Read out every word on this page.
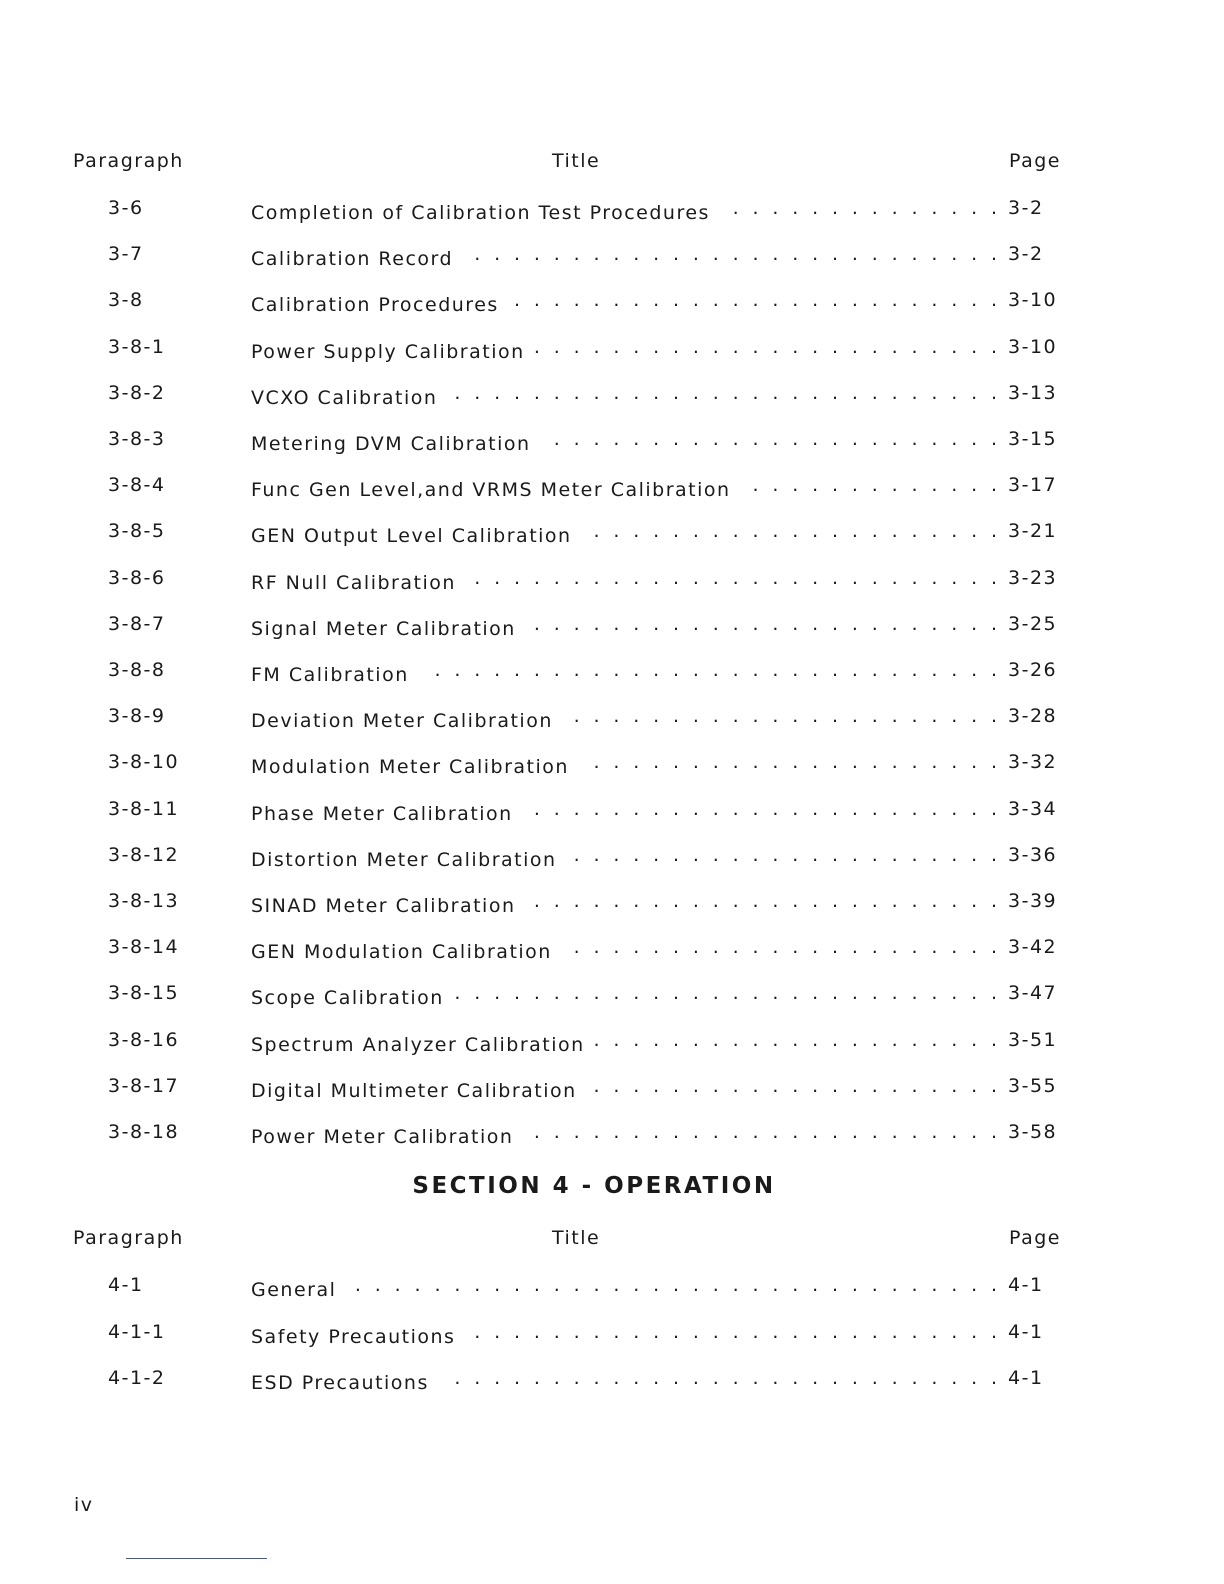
Paragraph	Title	Page
3-6	Completion of Calibration Test Procedures . . .	3-2
3-7	Calibration Record . . .	3-2
3-8	Calibration Procedures . . .	3-10
3-8-1	Power Supply Calibration . . .	3-10
3-8-2	VCXO Calibration . . .	3-13
3-8-3	Metering DVM Calibration . . .	3-15
3-8-4	Func Gen Level,and VRMS Meter Calibration . . .	3-17
3-8-5	GEN Output Level Calibration . . .	3-21
3-8-6	RF Null Calibration . . .	3-23
3-8-7	Signal Meter Calibration . . .	3-25
3-8-8	FM Calibration . . .	3-26
3-8-9	Deviation Meter Calibration . . .	3-28
3-8-10	Modulation Meter Calibration . . .	3-32
3-8-11	Phase Meter Calibration . . .	3-34
3-8-12	Distortion Meter Calibration . . .	3-36
3-8-13	SINAD Meter Calibration . . .	3-39
3-8-14	GEN Modulation Calibration . . .	3-42
3-8-15	Scope Calibration . . .	3-47
3-8-16	Spectrum Analyzer Calibration . . .	3-51
3-8-17	Digital Multimeter Calibration . . .	3-55
3-8-18	Power Meter Calibration . . .	3-58
SECTION 4 - OPERATION
Paragraph	Title	Page
4-1	General . . .	4-1
4-1-1	Safety Precautions . . .	4-1
4-1-2	ESD Precautions . . .	4-1
iv
